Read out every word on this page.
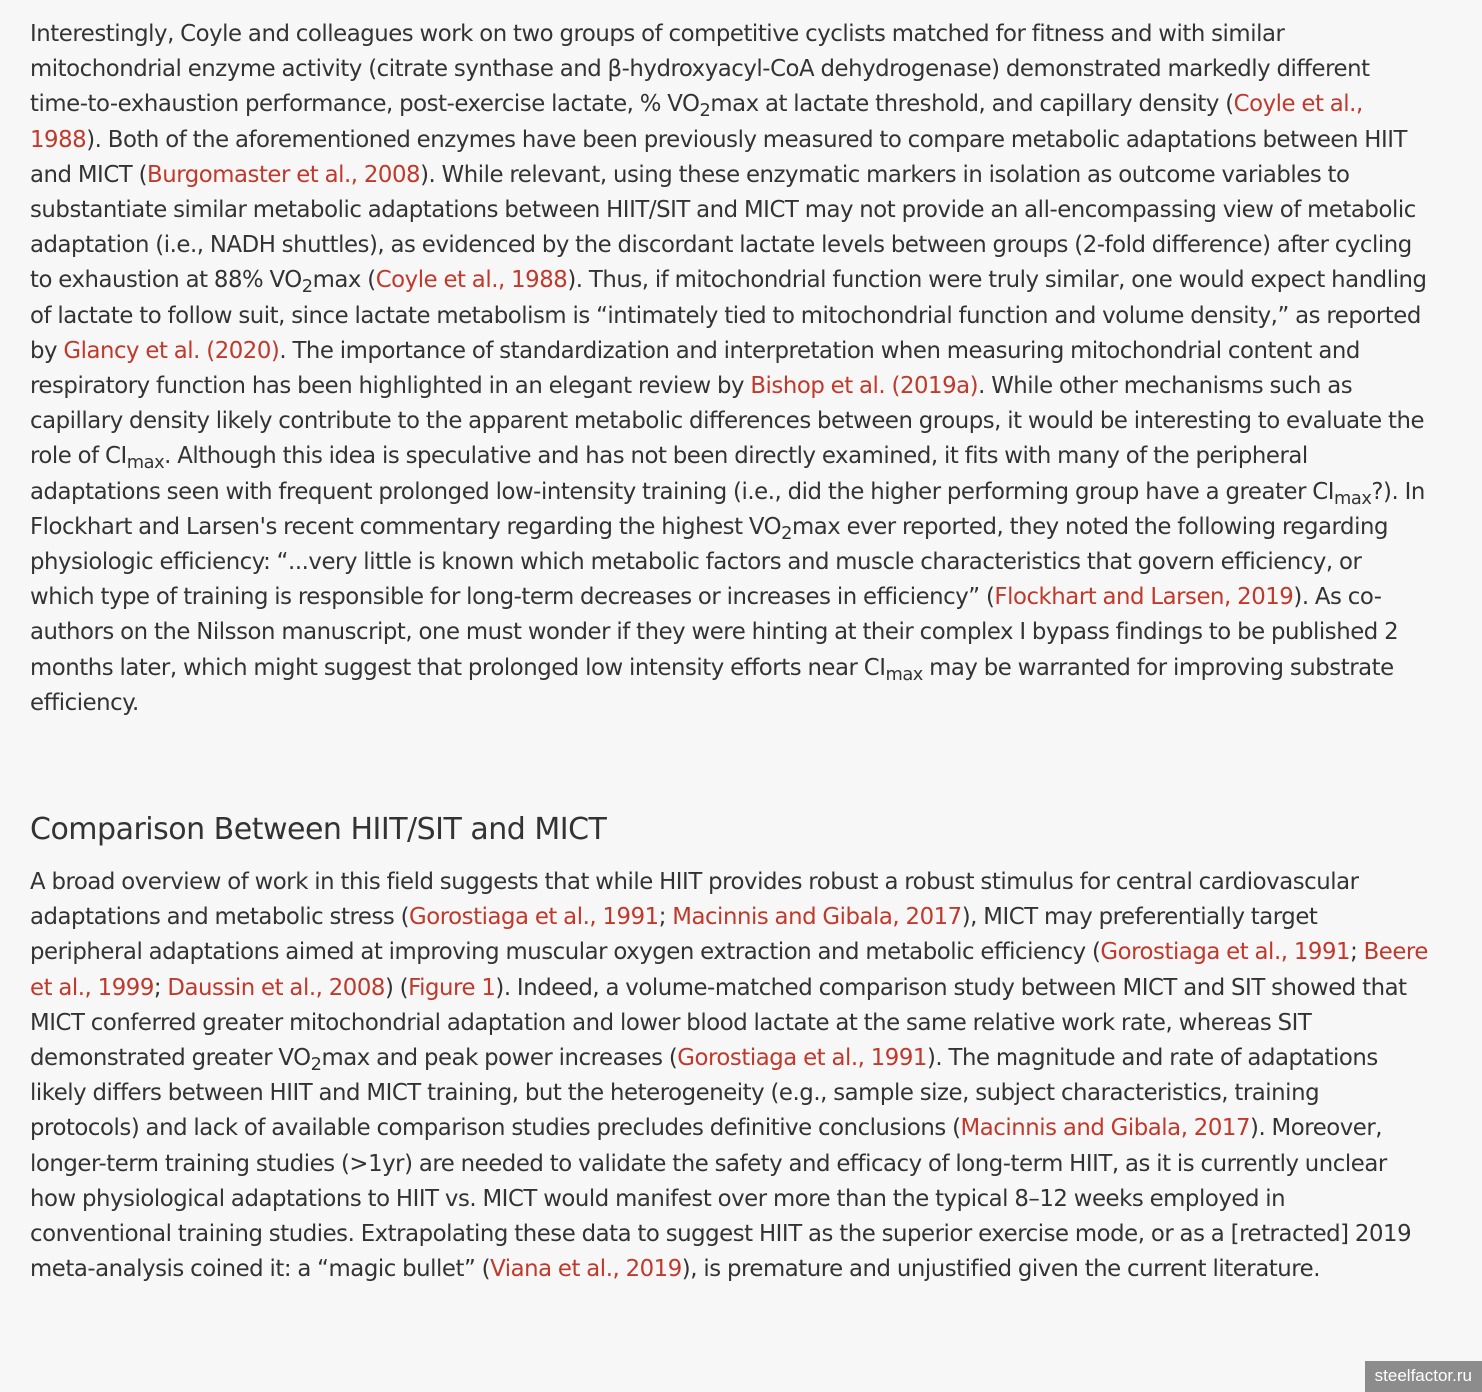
Interestingly, Coyle and colleagues work on two groups of competitive cyclists matched for fitness and with similar mitochondrial enzyme activity (citrate synthase and β-hydroxyacyl-CoA dehydrogenase) demonstrated markedly different time-to-exhaustion performance, post-exercise lactate, % $VO_2\max$ at lactate threshold, and capillary density (Coyle et al., 1988). Both of the aforementioned enzymes have been previously measured to compare metabolic adaptations between HIIT and MICT (Burgomaster et al., 2008). While relevant, using these enzymatic markers in isolation as outcome variables to substantiate similar metabolic adaptations between HIIT/SIT and MICT may not provide an all-encompassing view of metabolic adaptation (i.e., NADH shuttles), as evidenced by the discordant lactate levels between groups (2-fold difference) after cycling to exhaustion at 88% $VO_2\max$ (Coyle et al., 1988). Thus, if mitochondrial function were truly similar, one would expect handling of lactate to follow suit, since lactate metabolism is “intimately tied to mitochondrial function and volume density,” as reported by Glancy et al. (2020). The importance of standardization and interpretation when measuring mitochondrial content and respiratory function has been highlighted in an elegant review by Bishop et al. (2019a). While other mechanisms such as capillary density likely contribute to the apparent metabolic differences between groups, it would be interesting to evaluate the role of $CI_{max}$. Although this idea is speculative and has not been directly examined, it fits with many of the peripheral adaptations seen with frequent prolonged low-intensity training (i.e., did the higher performing group have a greater $CI_{max}$?). In Flockhart and Larsen's recent commentary regarding the highest $VO_2\max$ ever reported, they noted the following regarding physiologic efficiency: “...very little is known which metabolic factors and muscle characteristics that govern efficiency, or which type of training is responsible for long-term decreases or increases in efficiency” (Flockhart and Larsen, 2019). As co-authors on the Nilsson manuscript, one must wonder if they were hinting at their complex I bypass findings to be published 2 months later, which might suggest that prolonged low intensity efforts near $CI_{max}$ may be warranted for improving substrate efficiency.

Comparison Between HIIT/SIT and MICT

A broad overview of work in this field suggests that while HIIT provides robust a robust stimulus for central cardiovascular adaptations and metabolic stress (Gorostiaga et al., 1991; Macinnis and Gibala, 2017), MICT may preferentially target peripheral adaptations aimed at improving muscular oxygen extraction and metabolic efficiency (Gorostiaga et al., 1991; Beere et al., 1999; Daussin et al., 2008) (Figure 1). Indeed, a volume-matched comparison study between MICT and SIT showed that MICT conferred greater mitochondrial adaptation and lower blood lactate at the same relative work rate, whereas SIT demonstrated greater $VO_2\max$ and peak power increases (Gorostiaga et al., 1991). The magnitude and rate of adaptations likely differs between HIIT and MICT training, but the heterogeneity (e.g., sample size, subject characteristics, training protocols) and lack of available comparison studies precludes definitive conclusions (Macinnis and Gibala, 2017). Moreover, longer-term training studies (>1yr) are needed to validate the safety and efficacy of long-term HIIT, as it is currently unclear how physiological adaptations to HIIT vs. MICT would manifest over more than the typical 8–12 weeks employed in conventional training studies. Extrapolating these data to suggest HIIT as the superior exercise mode, or as a [retracted] 2019 meta-analysis coined it: a “magic bullet” (Viana et al., 2019), is premature and unjustified given the current literature.

steelfactor.ru
